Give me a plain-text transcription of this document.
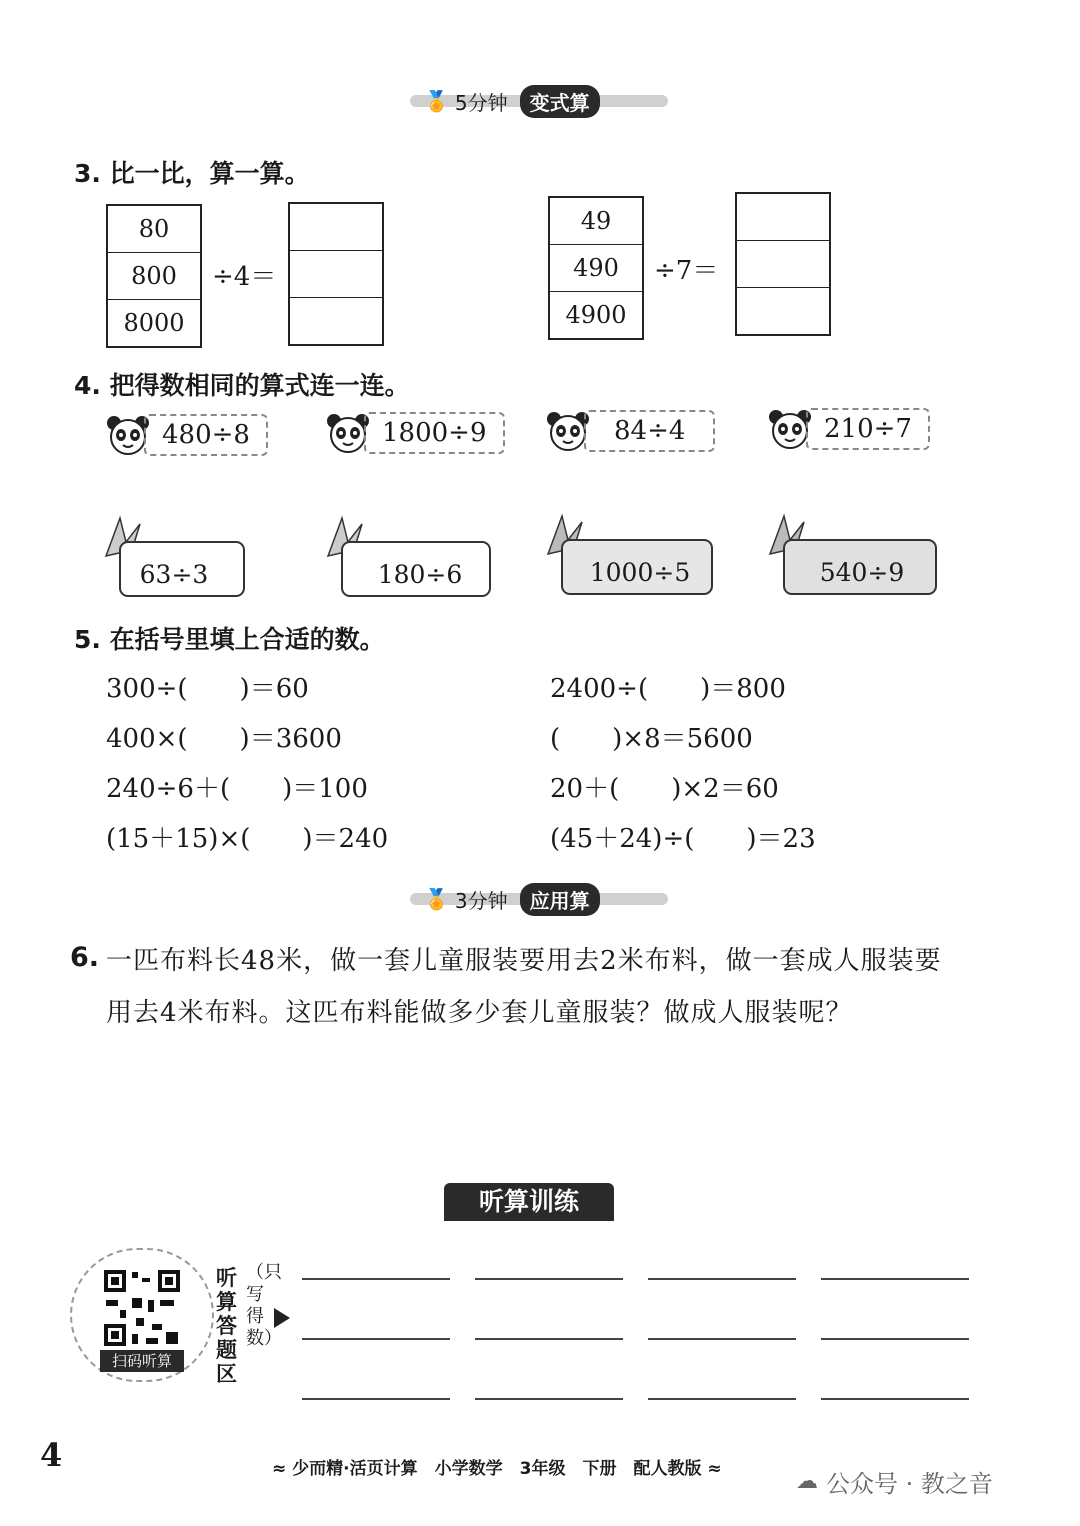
🏅 5分钟	变式算
3. 比一比，算一算。
80
800
8000
÷4＝
49
490
4900
÷7＝
4. 把得数相同的算式连一连。
480÷8	1800÷9	84÷4	210÷7
63÷3	180÷6	1000÷5	540÷9
5. 在括号里填上合适的数。
300÷(　　)＝60
400×(　　)＝3600
240÷6＋(　　)＝100
(15＋15)×(　　)＝240
2400÷(　　)＝800
(　　)×8＝5600
20＋(　　)×2＝60
(45＋24)÷(　　)＝23
🏅 3分钟	应用算
6. 一匹布料长48米，做一套儿童服装要用去2米布料，做一套成人服装要
用去4米布料。这匹布料能做多少套儿童服装？做成人服装呢？
听算训练
扫码听算
听算答题区
（只写得数）
4	≈ 少而精·活页计算　小学数学　3年级　下册　配人教版 ≈	☁ 公众号 · 教之音
